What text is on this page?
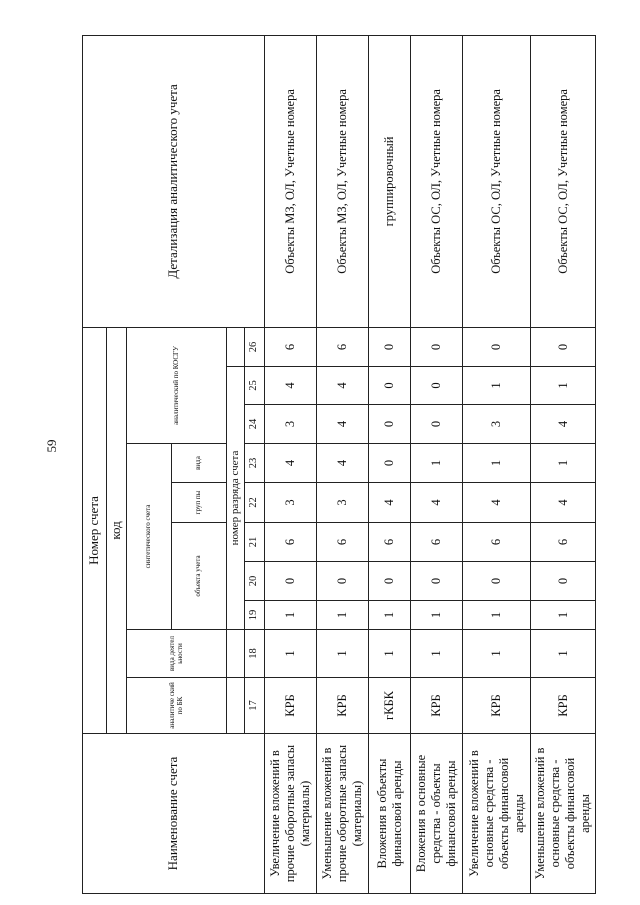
59
Наименование счета	Номер счета										Детализация аналитического учета
	код										
	аналитиче ский по БК	вида деятел ьности	синтетического счета					аналитический по КОСГУ			
			объекта учета			груп пы	вида				
			номер разряда счета								
	17	18	19	20	21	22	23	24	25	26	
Увеличение вложений в прочие оборотные запасы (материалы)	КРБ	1	1	0	6	3	4	3	4	6	Объекты МЗ, ОЛ, Учетные номера
Уменьшение вложений в прочие оборотные запасы (материалы)	КРБ	1	1	0	6	3	4	4	4	6	Объекты МЗ, ОЛ, Учетные номера
Вложения в объекты финансовой аренды	гКБК	1	1	0	6	4	0	0	0	0	группировочный
Вложения в основные средства - объекты финансовой аренды	КРБ	1	1	0	6	4	1	0	0	0	Объекты ОС, ОЛ, Учетные номера
Увеличение вложений в основные средства - объекты финансовой аренды	КРБ	1	1	0	6	4	1	3	1	0	Объекты ОС, ОЛ, Учетные номера
Уменьшение вложений в основные средства - объекты финансовой аренды	КРБ	1	1	0	6	4	1	4	1	0	Объекты ОС, ОЛ, Учетные номера
